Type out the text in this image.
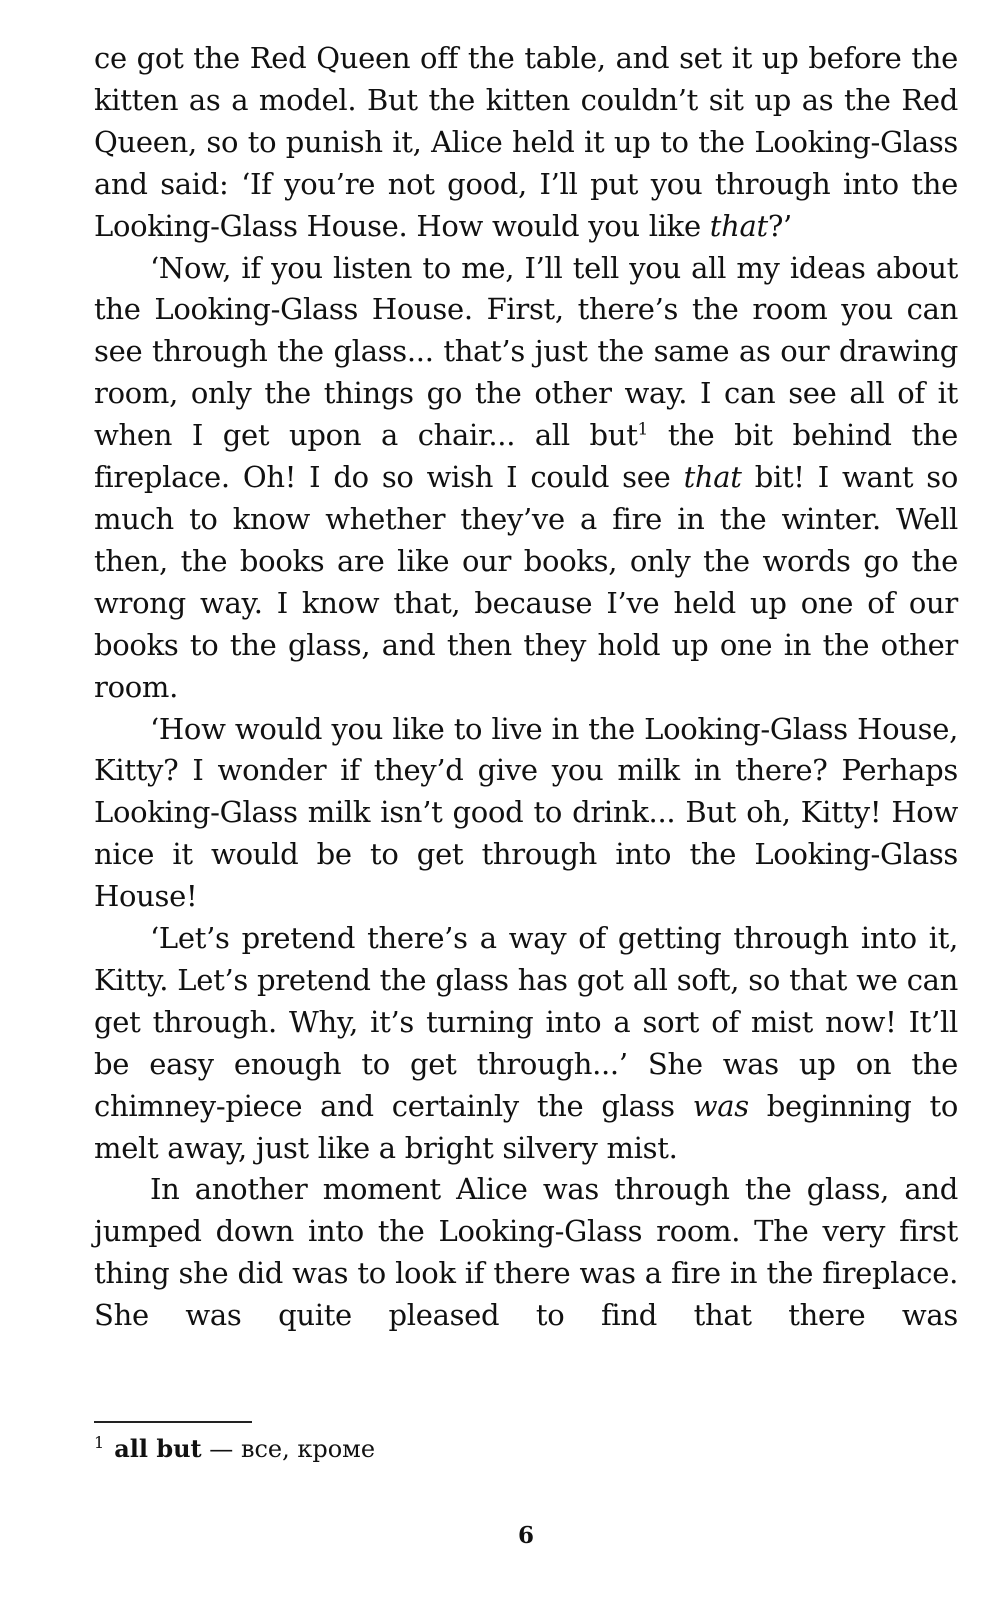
ce got the Red Queen off the table, and set it up before the kitten as a model. But the kitten couldn’t sit up as the Red Queen, so to punish it, Alice held it up to the Looking-Glass and said: ‘If you’re not good, I’ll put you through into the Looking-Glass House. How would you like that?’

‘Now, if you listen to me, I’ll tell you all my ideas about the Looking-Glass House. First, there’s the room you can see through the glass... that’s just the same as our drawing room, only the things go the other way. I can see all of it when I get upon a chair... all but$^1$ the bit behind the fireplace. Oh! I do so wish I could see that bit! I want so much to know whether they’ve a fire in the winter. Well then, the books are like our books, only the words go the wrong way. I know that, because I’ve held up one of our books to the glass, and then they hold up one in the other room.

‘How would you like to live in the Looking-Glass House, Kitty? I wonder if they’d give you milk in there? Perhaps Looking-Glass milk isn’t good to drink... But oh, Kitty! How nice it would be to get through into the Looking-Glass House!

‘Let’s pretend there’s a way of getting through into it, Kitty. Let’s pretend the glass has got all soft, so that we can get through. Why, it’s turning into a sort of mist now! It’ll be easy enough to get through...’ She was up on the chimney-piece and certainly the glass was beginning to melt away, just like a bright silvery mist.

In another moment Alice was through the glass, and jumped down into the Looking-Glass room. The very first thing she did was to look if there was a fire in the fireplace. She was quite pleased to find that there was

$^1$ all but — все, кроме
6
